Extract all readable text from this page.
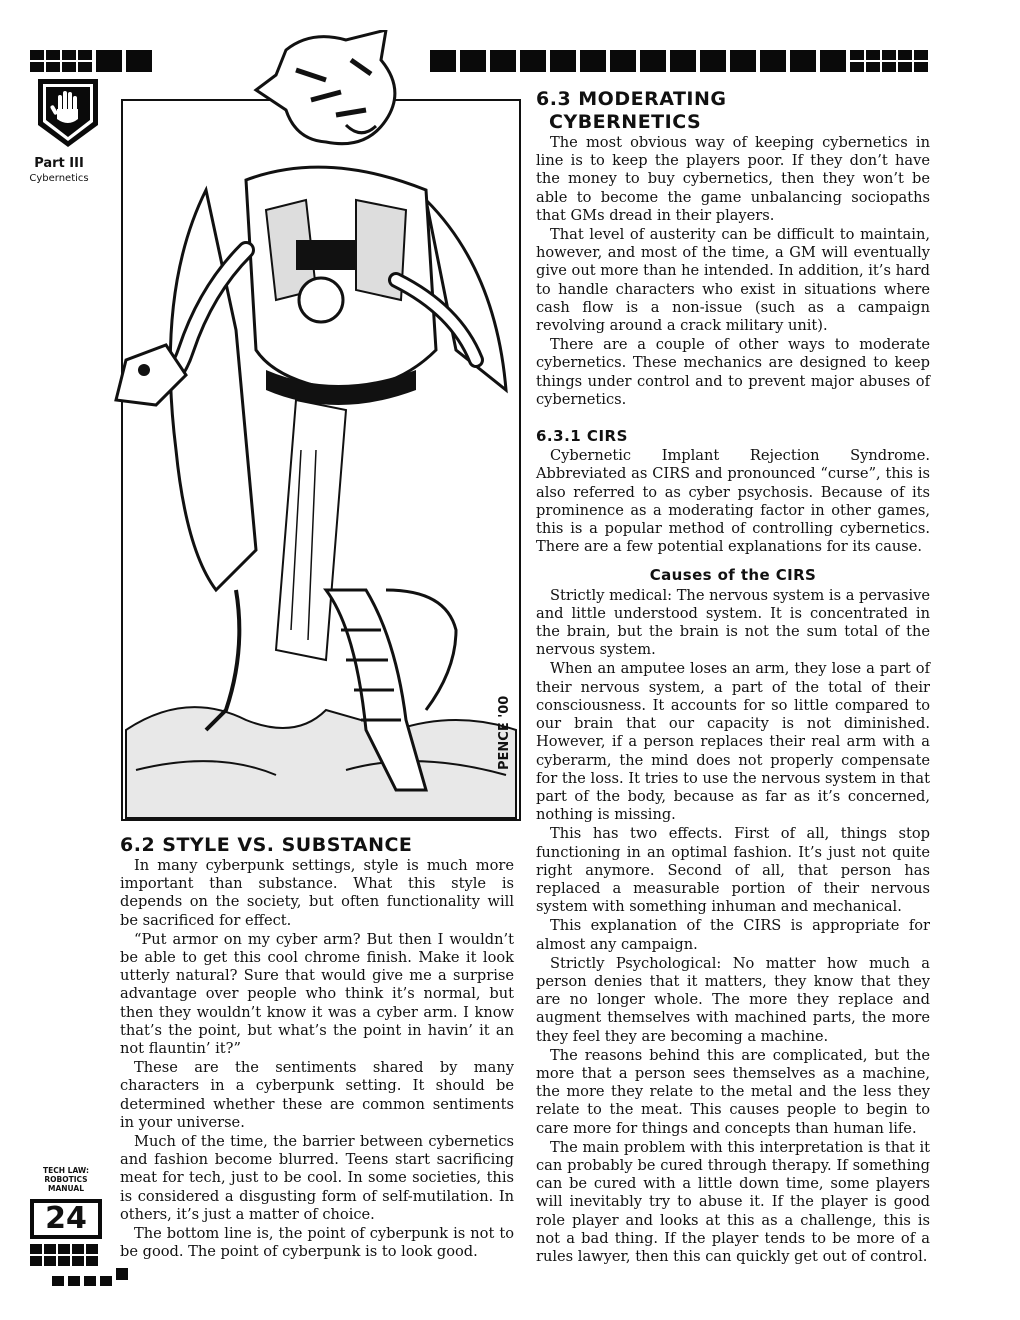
Part III
Cybernetics
PENCE '00
6.2 STYLE VS. SUBSTANCE

In many cyberpunk settings, style is much more important than substance. What this style is depends on the society, but often functionality will be sacrificed for effect.

“Put armor on my cyber arm? But then I wouldn’t be able to get this cool chrome finish. Make it look utterly natural? Sure that would give me a surprise advantage over people who think it’s normal, but then they wouldn’t know it was a cyber arm. I know that’s the point, but what’s the point in havin’ it an not flauntin’ it?”

These are the sentiments shared by many characters in a cyberpunk setting. It should be determined whether these are common sentiments in your universe.

Much of the time, the barrier between cybernetics and fashion become blurred. Teens start sacrificing meat for tech, just to be cool. In some societies, this is considered a disgusting form of self-mutilation. In others, it’s just a matter of choice.

The bottom line is, the point of cyberpunk is not to be good. The point of cyberpunk is to look good.

6.3 MODERATING
CYBERNETICS

The most obvious way of keeping cybernetics in line is to keep the players poor. If they don’t have the money to buy cybernetics, then they won’t be able to become the game unbalancing sociopaths that GMs dread in their players.

That level of austerity can be difficult to maintain, however, and most of the time, a GM will eventually give out more than he intended. In addition, it’s hard to handle characters who exist in situations where cash flow is a non-issue (such as a campaign revolving around a crack military unit).

There are a couple of other ways to moderate cybernetics. These mechanics are designed to keep things under control and to prevent major abuses of cybernetics.

6.3.1 CIRS

Cybernetic Implant Rejection Syndrome. Abbreviated as CIRS and pronounced “curse”, this is also referred to as cyber psychosis. Because of its prominence as a moderating factor in other games, this is a popular method of controlling cybernetics. There are a few potential explanations for its cause.

Causes of the CIRS

Strictly medical: The nervous system is a pervasive and little understood system. It is concentrated in the brain, but the brain is not the sum total of the nervous system.

When an amputee loses an arm, they lose a part of their nervous system, a part of the total of their consciousness. It accounts for so little compared to our brain that our capacity is not diminished. However, if a person replaces their real arm with a cyberarm, the mind does not properly compensate for the loss. It tries to use the nervous system in that part of the body, because as far as it’s concerned, nothing is missing.

This has two effects. First of all, things stop functioning in an optimal fashion. It’s just not quite right anymore. Second of all, that person has replaced a measurable portion of their nervous system with something inhuman and mechanical.

This explanation of the CIRS is appropriate for almost any campaign.

Strictly Psychological: No matter how much a person denies that it matters, they know that they are no longer whole. The more they replace and augment themselves with machined parts, the more they feel they are becoming a machine.

The reasons behind this are complicated, but the more that a person sees themselves as a machine, the more they relate to the metal and the less they relate to the meat. This causes people to begin to care more for things and concepts than human life.

The main problem with this interpretation is that it can probably be cured through therapy. If something can be cured with a little down time, some players will inevitably try to abuse it. If the player is good role player and looks at this as a challenge, this is not a bad thing. If the player tends to be more of a rules lawyer, then this can quickly get out of control.

TECH LAW:
ROBOTICS
MANUAL
24
